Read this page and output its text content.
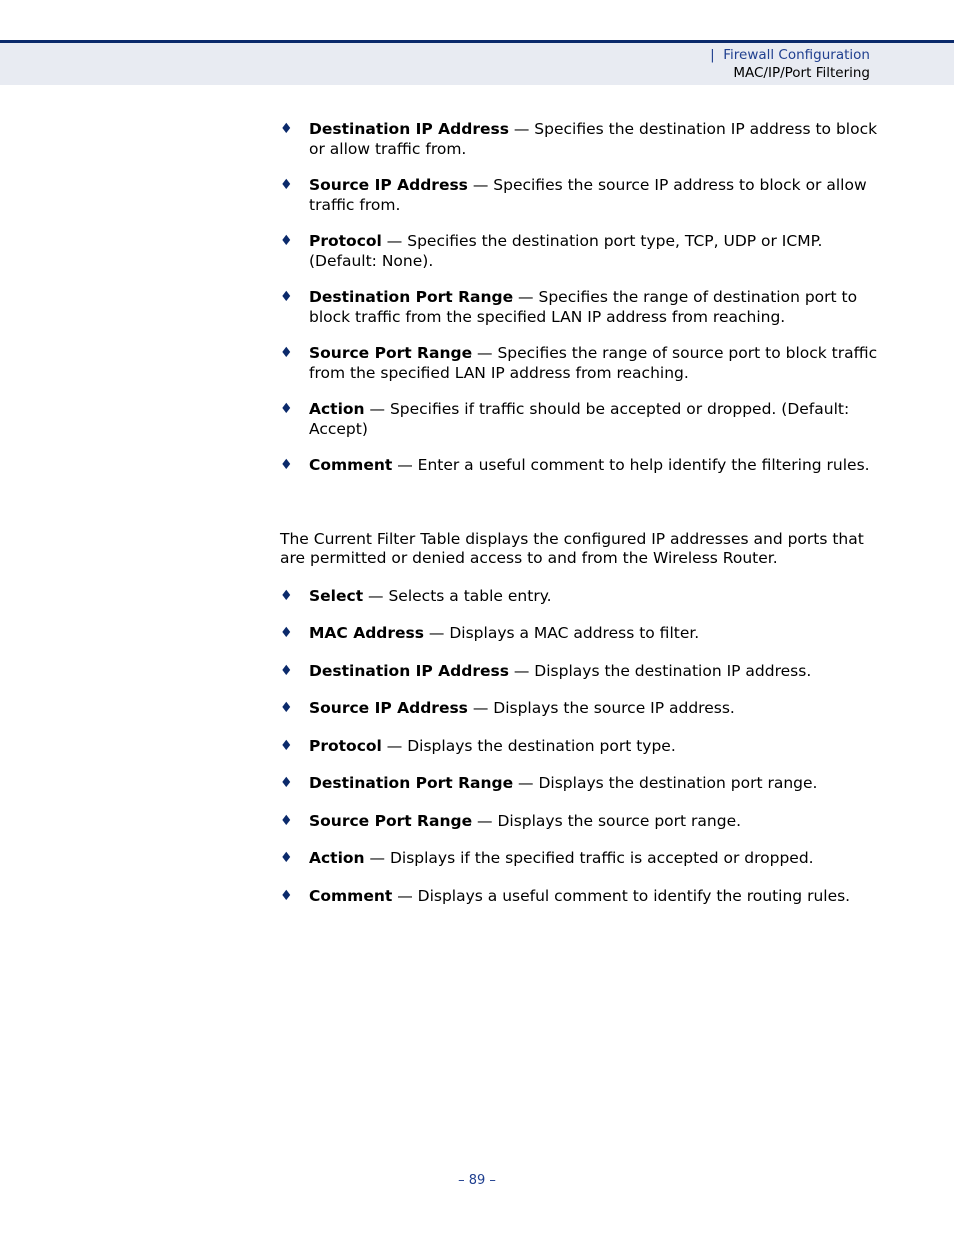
| Firewall Configuration
MAC/IP/Port Filtering
♦ Destination IP Address — Specifies the destination IP address to block or allow traffic from.
♦ Source IP Address — Specifies the source IP address to block or allow traffic from.
♦ Protocol — Specifies the destination port type, TCP, UDP or ICMP. (Default: None).
♦ Destination Port Range — Specifies the range of destination port to block traffic from the specified LAN IP address from reaching.
♦ Source Port Range — Specifies the range of source port to block traffic from the specified LAN IP address from reaching.
♦ Action — Specifies if traffic should be accepted or dropped. (Default: Accept)
♦ Comment — Enter a useful comment to help identify the filtering rules.

The Current Filter Table displays the configured IP addresses and ports that are permitted or denied access to and from the Wireless Router.

♦ Select — Selects a table entry.
♦ MAC Address — Displays a MAC address to filter.
♦ Destination IP Address — Displays the destination IP address.
♦ Source IP Address — Displays the source IP address.
♦ Protocol — Displays the destination port type.
♦ Destination Port Range — Displays the destination port range.
♦ Source Port Range — Displays the source port range.
♦ Action — Displays if the specified traffic is accepted or dropped.
♦ Comment — Displays a useful comment to identify the routing rules.
– 89 –
